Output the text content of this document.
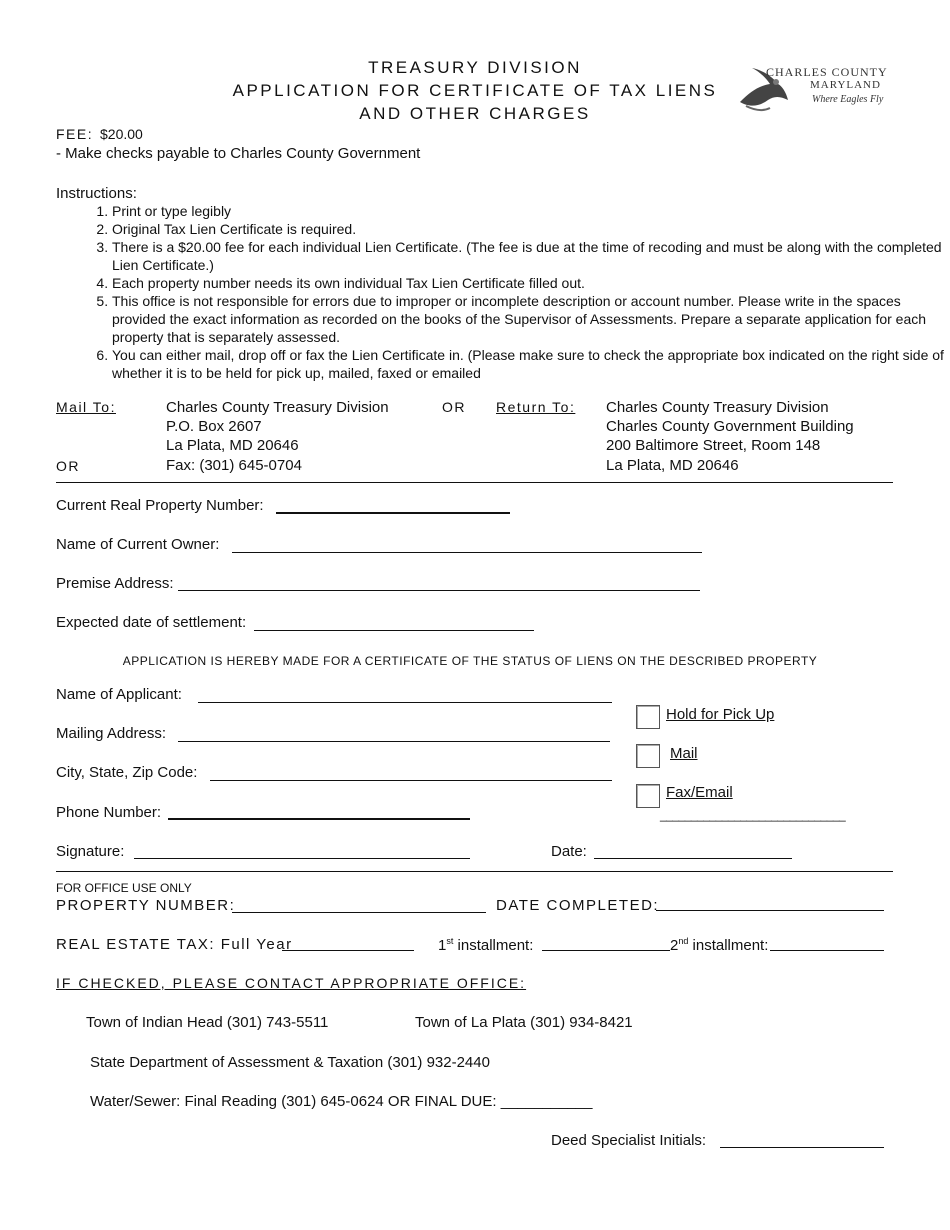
TREASURY DIVISION
APPLICATION FOR CERTIFICATE OF TAX LIENS
AND OTHER CHARGES
CHARLES COUNTY
MARYLAND
Where Eagles Fly
FEE: $20.00
- Make checks payable to Charles County Government
Instructions:
1. Print or type legibly
2. Original Tax Lien Certificate is required.
3. There is a $20.00 fee for each individual Lien Certificate. (The fee is due at the time of recoding and must be along with the completed Lien Certificate.)
4. Each property number needs its own individual Tax Lien Certificate filled out.
5. This office is not responsible for errors due to improper or incomplete description or account number. Please write in the spaces provided the exact information as recorded on the books of the Supervisor of Assessments. Prepare a separate application for each property that is separately assessed.
6. You can either mail, drop off or fax the Lien Certificate in. (Please make sure to check the appropriate box indicated on the right side of whether it is to be held for pick up, mailed, faxed or emailed
Mail To:	Charles County Treasury Division
P.O. Box 2607
La Plata, MD 20646
Fax: (301) 645-0704
OR
OR Return To: Charles County Treasury Division
Charles County Government Building
200 Baltimore Street, Room 148
La Plata, MD 20646
Current Real Property Number:
Name of Current Owner:
Premise Address:
Expected date of settlement:
APPLICATION IS HEREBY MADE FOR A CERTIFICATE OF THE STATUS OF LIENS ON THE DESCRIBED PROPERTY
Name of Applicant:
Mailing Address:
City, State, Zip Code:
Phone Number:
Signature:	Date:
Hold for Pick Up
Mail
Fax/Email
______________________________
FOR OFFICE USE ONLY
PROPERTY NUMBER:	DATE COMPLETED:
REAL ESTATE TAX: Full Year	1st installment:	2nd installment:
IF CHECKED, PLEASE CONTACT APPROPRIATE OFFICE:
Town of Indian Head (301) 743-5511	Town of La Plata (301) 934-8421
State Department of Assessment & Taxation (301) 932-2440
Water/Sewer: Final Reading (301) 645-0624 OR FINAL DUE: ___________
Deed Specialist Initials:
